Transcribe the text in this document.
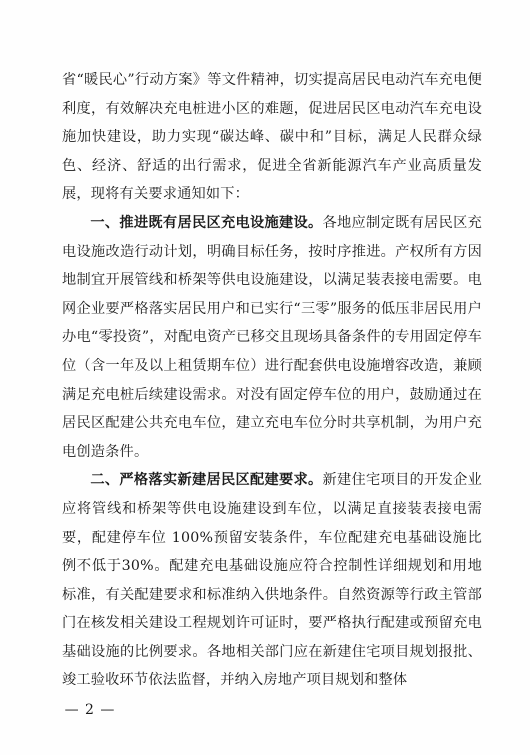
省“暖民心”行动方案》等文件精神，切实提高居民电动汽车充电便利度，有效解决充电桩进小区的难题，促进居民区电动汽车充电设施加快建设，助力实现“碳达峰、碳中和”目标，满足人民群众绿色、经济、舒适的出行需求，促进全省新能源汽车产业高质量发展，现将有关要求通知如下：

一、推进既有居民区充电设施建设。各地应制定既有居民区充电设施改造行动计划，明确目标任务，按时序推进。产权所有方因地制宜开展管线和桥架等供电设施建设，以满足装表接电需要。电网企业要严格落实居民用户和已实行“三零”服务的低压非居民用户办电“零投资”，对配电资产已移交且现场具备条件的专用固定停车位（含一年及以上租赁期车位）进行配套供电设施增容改造，兼顾满足充电桩后续建设需求。对没有固定停车位的用户，鼓励通过在居民区配建公共充电车位，建立充电车位分时共享机制，为用户充电创造条件。

二、严格落实新建居民区配建要求。新建住宅项目的开发企业应将管线和桥架等供电设施建设到车位，以满足直接装表接电需要，配建停车位 100%预留安装条件，车位配建充电基础设施比例不低于30%。配建充电基础设施应符合控制性详细规划和用地标准，有关配建要求和标准纳入供地条件。自然资源等行政主管部门在核发相关建设工程规划许可证时，要严格执行配建或预留充电基础设施的比例要求。各地相关部门应在新建住宅项目规划报批、竣工验收环节依法监督，并纳入房地产项目规划和整体

— 2 —
